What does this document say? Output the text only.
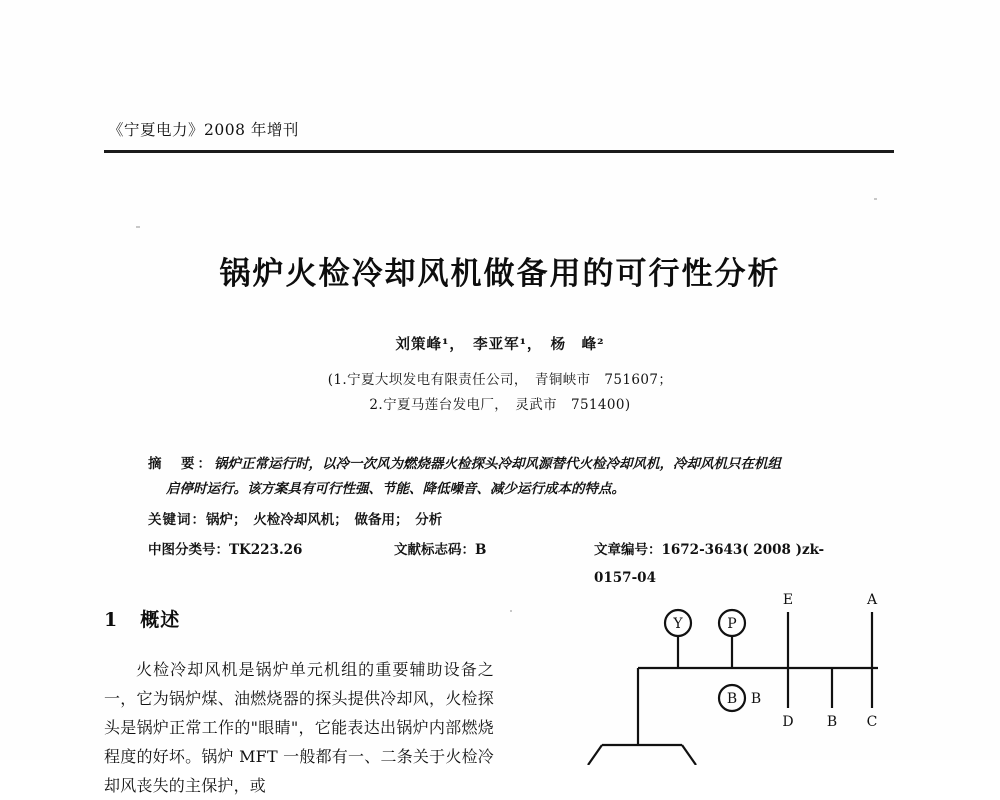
《宁夏电力》2008 年增刊
锅炉火检冷却风机做备用的可行性分析
刘策峰¹，　李亚军¹，　杨　峰²
(1.宁夏大坝发电有限责任公司，　青铜峡市　751607；
2.宁夏马莲台发电厂，　灵武市　751400)
摘　要：锅炉正常运行时，以冷一次风为燃烧器火检探头冷却风源替代火检冷却风机，冷却风机只在机组
启停时运行。该方案具有可行性强、节能、降低噪音、减少运行成本的特点。
关键词：锅炉；　火检冷却风机；　做备用；　分析
中图分类号：TK223.26	文献标志码：B	文章编号：1672-3643( 2008 )zk-0157-04
1 概述

火检冷却风机是锅炉单元机组的重要辅助设备之一，它为锅炉煤、油燃烧器的探头提供冷却风，火检探头是锅炉正常工作的"眼睛"，它能表达出锅炉内部燃烧程度的好坏。锅炉 MFT 一般都有一、二条关于火检冷却风丧失的主保护，或

Y	P
B B
E	A
D B C
